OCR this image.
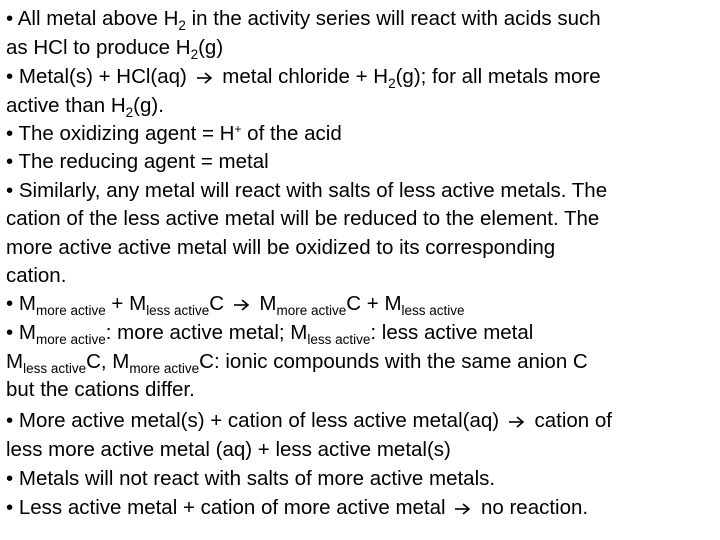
• All metal above $H_2$ in the activity series will react with acids such

as HCl to produce $H_2(g)$

• Metal(s) + HCl(aq)
metal chloride + $H_2(g)$; for all metals more

active than $H_2(g)$.

• The oxidizing agent = H+ of the acid

• The reducing agent = metal

• Similarly, any metal will react with salts of less active metals. The

cation of the less active metal will be reduced to the element. The

more active active metal will be oxidized to its corresponding

cation.

• $M_{more active} + M_{less active}C$
$M_{more active}C + M_{less active}$

• $M_{more active}$: more active metal; $M_{less active}$: less active metal

$M_{less active}C$, $M_{more active}C$: ionic compounds with the same anion C

but the cations differ.

• More active metal(s) + cation of less active metal(aq)
cation of

less more active metal (aq) + less active metal(s)

• Metals will not react with salts of more active metals.

• Less active metal + cation of more active metal
no reaction.
